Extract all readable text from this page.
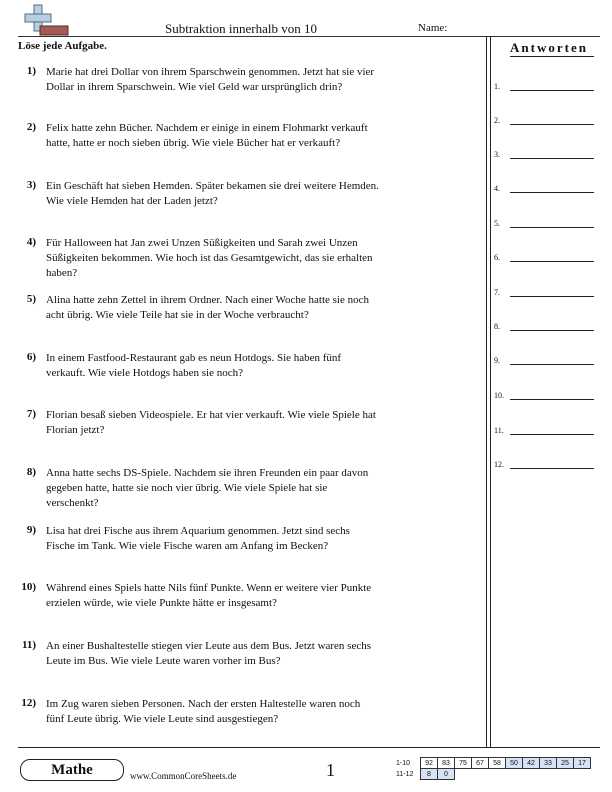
Subtraktion innerhalb von 10	Name:
Löse jede Aufgabe.
1) Marie hat drei Dollar von ihrem Sparschwein genommen. Jetzt hat sie vier Dollar in ihrem Sparschwein. Wie viel Geld war ursprünglich drin?
2) Felix hatte zehn Bücher. Nachdem er einige in einem Flohmarkt verkauft hatte, hatte er noch sieben übrig. Wie viele Bücher hat er verkauft?
3) Ein Geschäft hat sieben Hemden. Später bekamen sie drei weitere Hemden. Wie viele Hemden hat der Laden jetzt?
4) Für Halloween hat Jan zwei Unzen Süßigkeiten und Sarah zwei Unzen Süßigkeiten bekommen. Wie hoch ist das Gesamtgewicht, das sie erhalten haben?
5) Alina hatte zehn Zettel in ihrem Ordner. Nach einer Woche hatte sie noch acht übrig. Wie viele Teile hat sie in der Woche verbraucht?
6) In einem Fastfood-Restaurant gab es neun Hotdogs. Sie haben fünf verkauft. Wie viele Hotdogs haben sie noch?
7) Florian besaß sieben Videospiele. Er hat vier verkauft. Wie viele Spiele hat Florian jetzt?
8) Anna hatte sechs DS-Spiele. Nachdem sie ihren Freunden ein paar davon gegeben hatte, hatte sie noch vier übrig. Wie viele Spiele hat sie verschenkt?
9) Lisa hat drei Fische aus ihrem Aquarium genommen. Jetzt sind sechs Fische im Tank. Wie viele Fische waren am Anfang im Becken?
10) Während eines Spiels hatte Nils fünf Punkte. Wenn er weitere vier Punkte erzielen würde, wie viele Punkte hätte er insgesamt?
11) An einer Bushaltestelle stiegen vier Leute aus dem Bus. Jetzt waren sechs Leute im Bus. Wie viele Leute waren vorher im Bus?
12) Im Zug waren sieben Personen. Nach der ersten Haltestelle waren noch fünf Leute übrig. Wie viele Leute sind ausgestiegen?
Antworten
1.
2.
3.
4.
5.
6.
7.
8.
9.
10.
11.
12.
Mathe	www.CommonCoreSheets.de	1	1-10	92	83	75	67	58	50	42	33	25	17
11-12	8	0								
